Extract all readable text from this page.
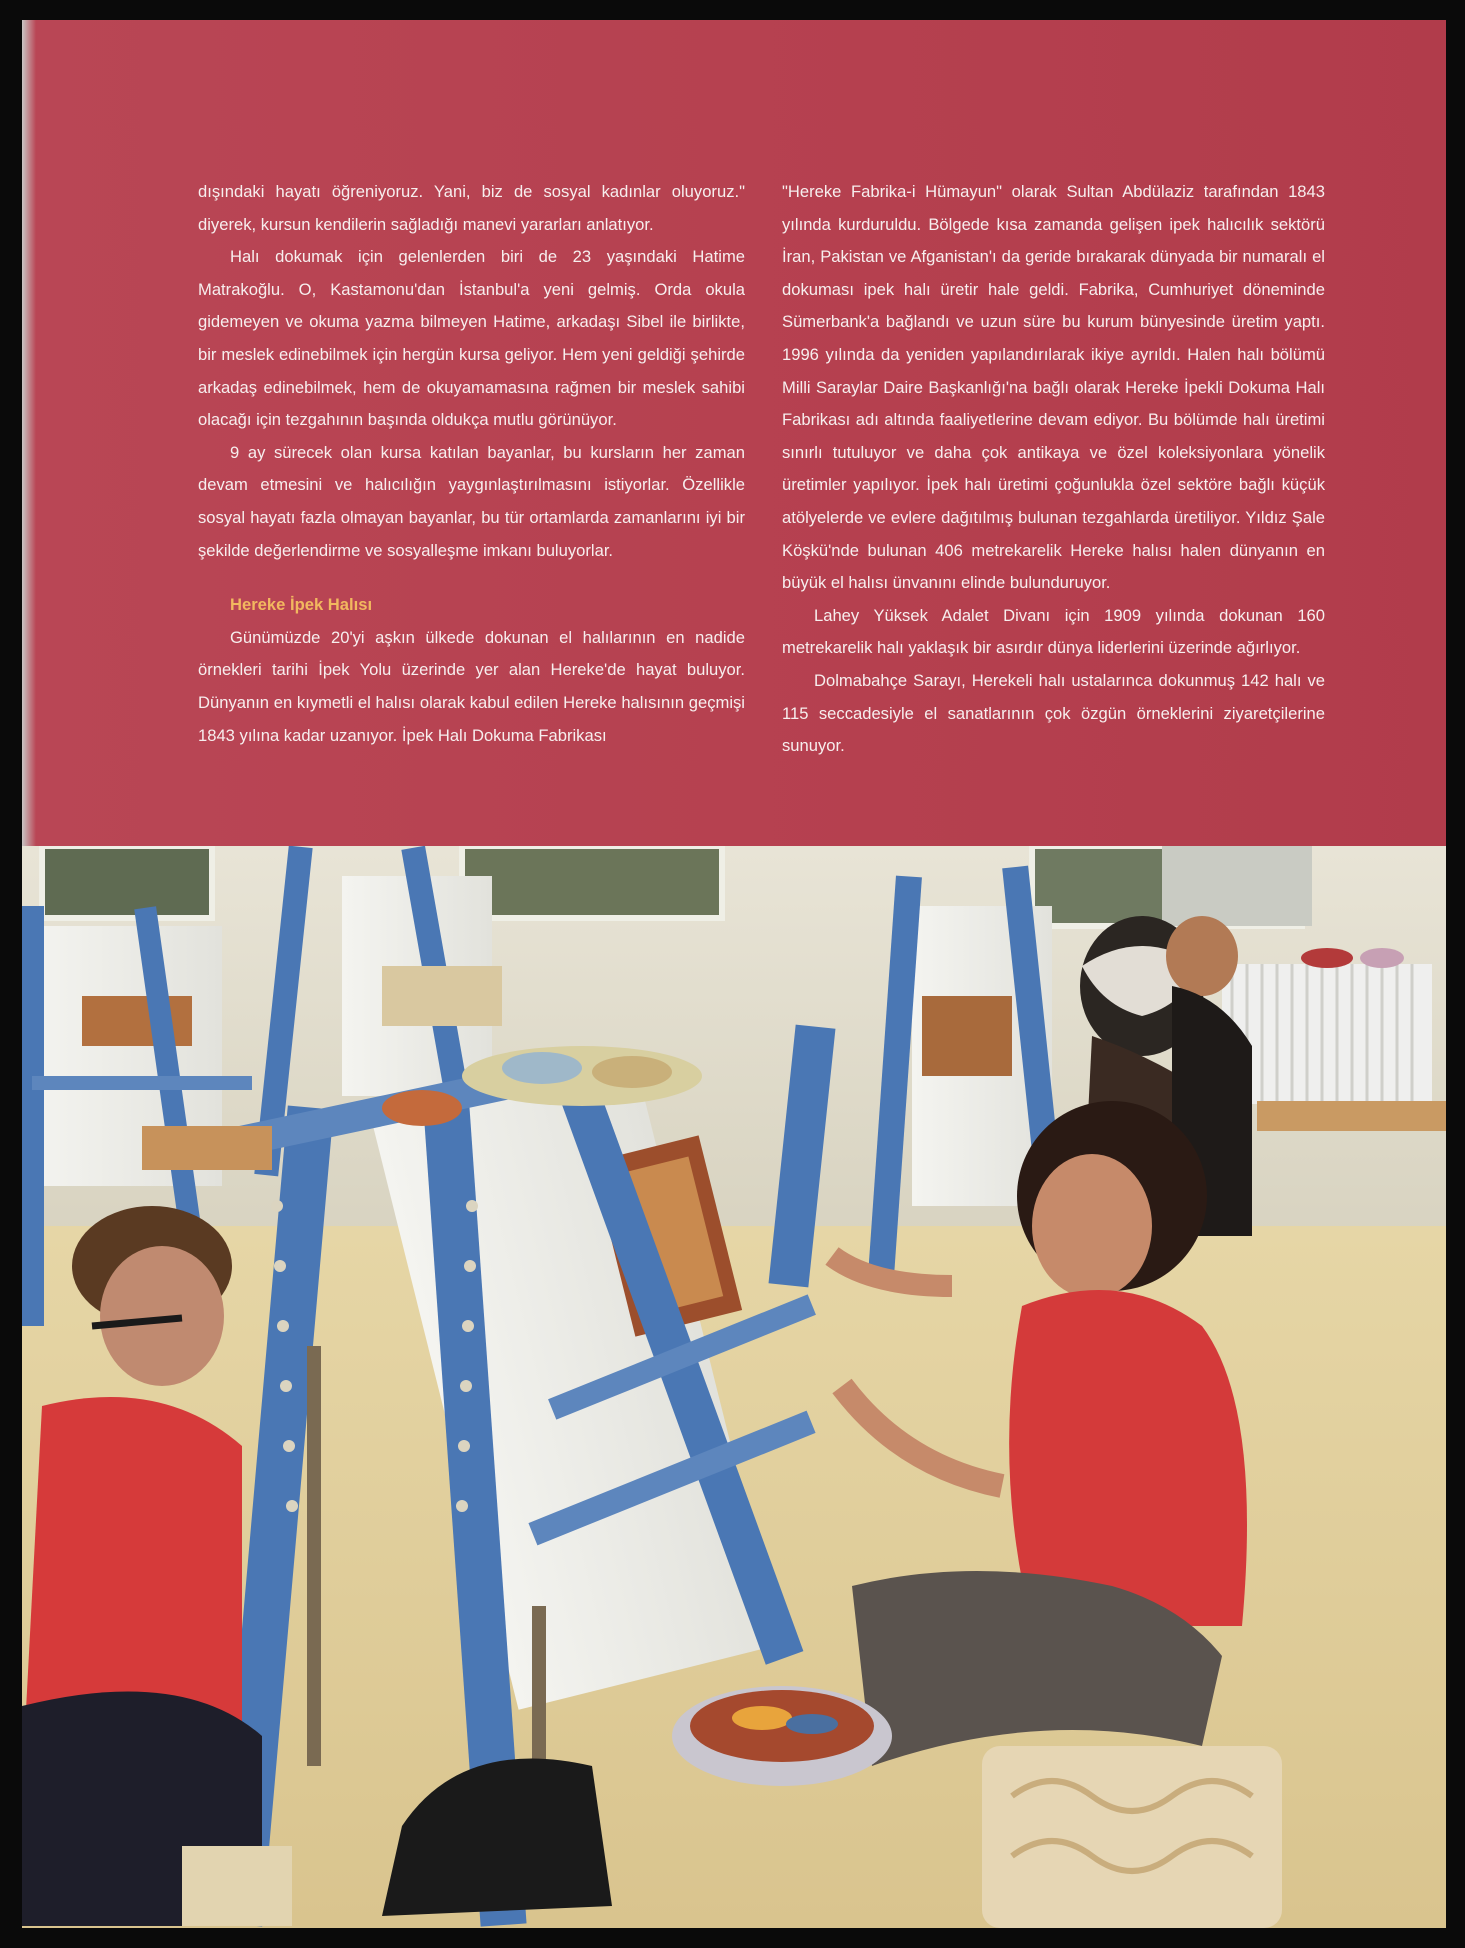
dışındaki hayatı öğreniyoruz. Yani, biz de sosyal kadınlar oluyoruz." diyerek, kursun kendilerin sağladığı manevi yararları anlatıyor.

Halı dokumak için gelenlerden biri de 23 yaşındaki Hatime Matrakoğlu. O, Kastamonu'dan İstanbul'a yeni gelmiş. Orda okula gidemeyen ve okuma yazma bilmeyen Hatime, arkadaşı Sibel ile birlikte, bir meslek edinebilmek için hergün kursa geliyor. Hem yeni geldiği şehirde arkadaş edinebilmek, hem de okuyamamasına rağmen bir meslek sahibi olacağı için tezgahının başında oldukça mutlu görünüyor.

9 ay sürecek olan kursa katılan bayanlar, bu kursların her zaman devam etmesini ve halıcılığın yaygınlaştırılmasını istiyorlar. Özellikle sosyal hayatı fazla olmayan bayanlar, bu tür ortamlarda zamanlarını iyi bir şekilde değerlendirme ve sosyalleşme imkanı buluyorlar.

Hereke İpek Halısı

Günümüzde 20'yi aşkın ülkede dokunan el halılarının en nadide örnekleri tarihi İpek Yolu üzerinde yer alan Hereke'de hayat buluyor. Dünyanın en kıymetli el halısı olarak kabul edilen Hereke halısının geçmişi 1843 yılına kadar uzanıyor. İpek Halı Dokuma Fabrikası

"Hereke Fabrika-i Hümayun" olarak Sultan Abdülaziz tarafından 1843 yılında kurduruldu. Bölgede kısa zamanda gelişen ipek halıcılık sektörü İran, Pakistan ve Afganistan'ı da geride bırakarak dünyada bir numaralı el dokuması ipek halı üretir hale geldi. Fabrika, Cumhuriyet döneminde Sümerbank'a bağlandı ve uzun süre bu kurum bünyesinde üretim yaptı. 1996 yılında da yeniden yapılandırılarak ikiye ayrıldı. Halen halı bölümü Milli Saraylar Daire Başkanlığı'na bağlı olarak Hereke İpekli Dokuma Halı Fabrikası adı altında faaliyetlerine devam ediyor. Bu bölümde halı üretimi sınırlı tutuluyor ve daha çok antikaya ve özel koleksiyonlara yönelik üretimler yapılıyor. İpek halı üretimi çoğunlukla özel sektöre bağlı küçük atölyelerde ve evlere dağıtılmış bulunan tezgahlarda üretiliyor. Yıldız Şale Köşkü'nde bulunan 406 metrekarelik Hereke halısı halen dünyanın en büyük el halısı ünvanını elinde bulunduruyor.

Lahey Yüksek Adalet Divanı için 1909 yılında dokunan 160 metrekarelik halı yaklaşık bir asırdır dünya liderlerini üzerinde ağırlıyor.

Dolmabahçe Sarayı, Herekeli halı ustalarınca dokunmuş 142 halı ve 115 seccadesiyle el sanatlarının çok özgün örneklerini ziyaretçilerine sunuyor.
